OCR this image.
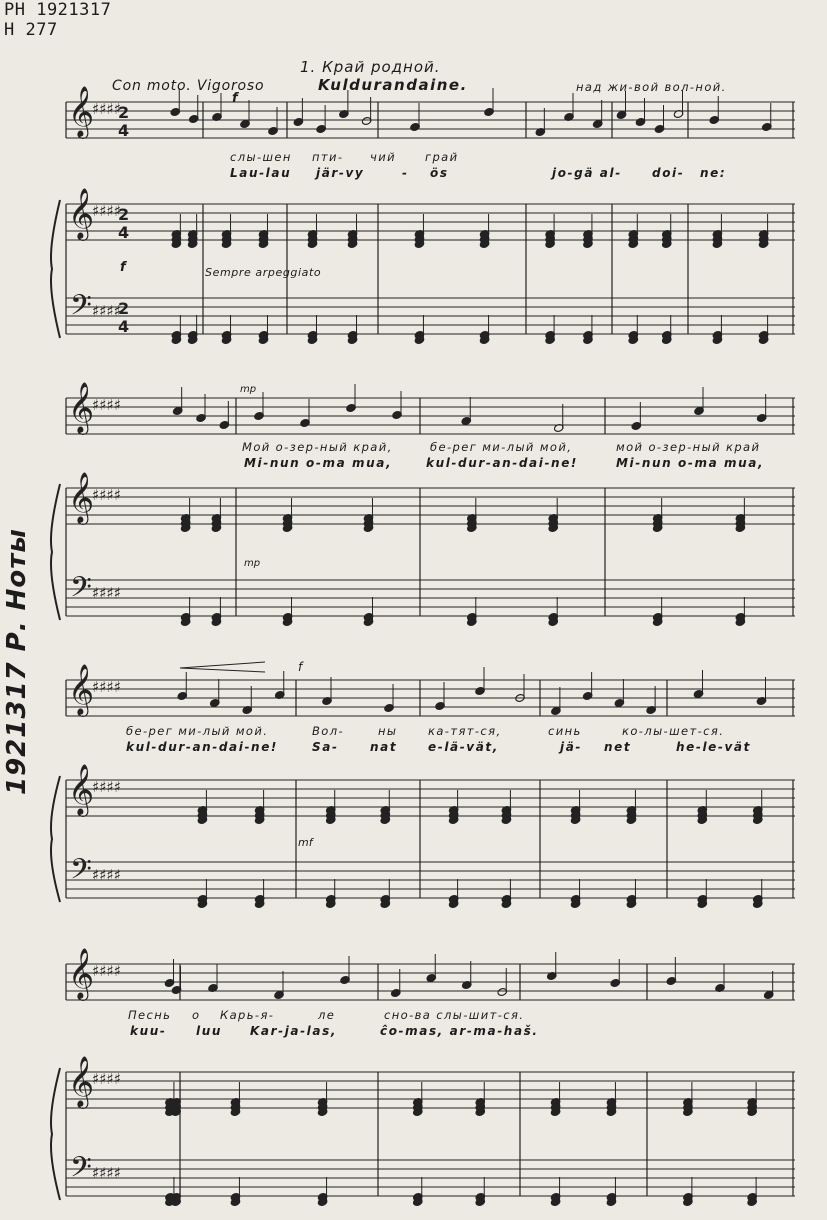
РН 1921317
Н 277
1921317 Р. Ноты
1. Край родной.
Kuldurandaine.
Con moto. Vigoroso
f
f
mp
mp
f
mf
Sempre arpeggiato
слы-шен пти- чий	грай
над жи-вой вол-ной.
Lau-lau jär-vy	- ös	jo-gä al-	doi- ne:
Мой о-зер-ный край,	бе-рег ми-лый мой,	мой о-зер-ный край
Mi-nun o-ma mua,	kul-dur-an-dai-ne!	Mi-nun o-ma mua,
бе-рег ми-лый мой.	Вол-	ны	ка-тят-ся,	синь	ко-лы-шет-ся.
kul-dur-an-dai-ne!	Sa-	nat	e-lä-vät,	jä- net	he-le-vät
Песнь о Карь-я-	ле	сно-ва слы-шит-ся.
kuu- luu Kar-ja-las,	ĉo-mas, ar-ma-haš.
𝄞
𝄞
𝄢
♯♯♯♯
♯♯♯♯
♯♯♯♯
𝄞
𝄞
𝄢
♯♯♯♯
♯♯♯♯
♯♯♯♯
𝄞
𝄞
𝄢
♯♯♯♯
♯♯♯♯
♯♯♯♯
𝄞
𝄞
𝄢
♯♯♯♯
♯♯♯♯
♯♯♯♯
2
4
2
4
2
4
